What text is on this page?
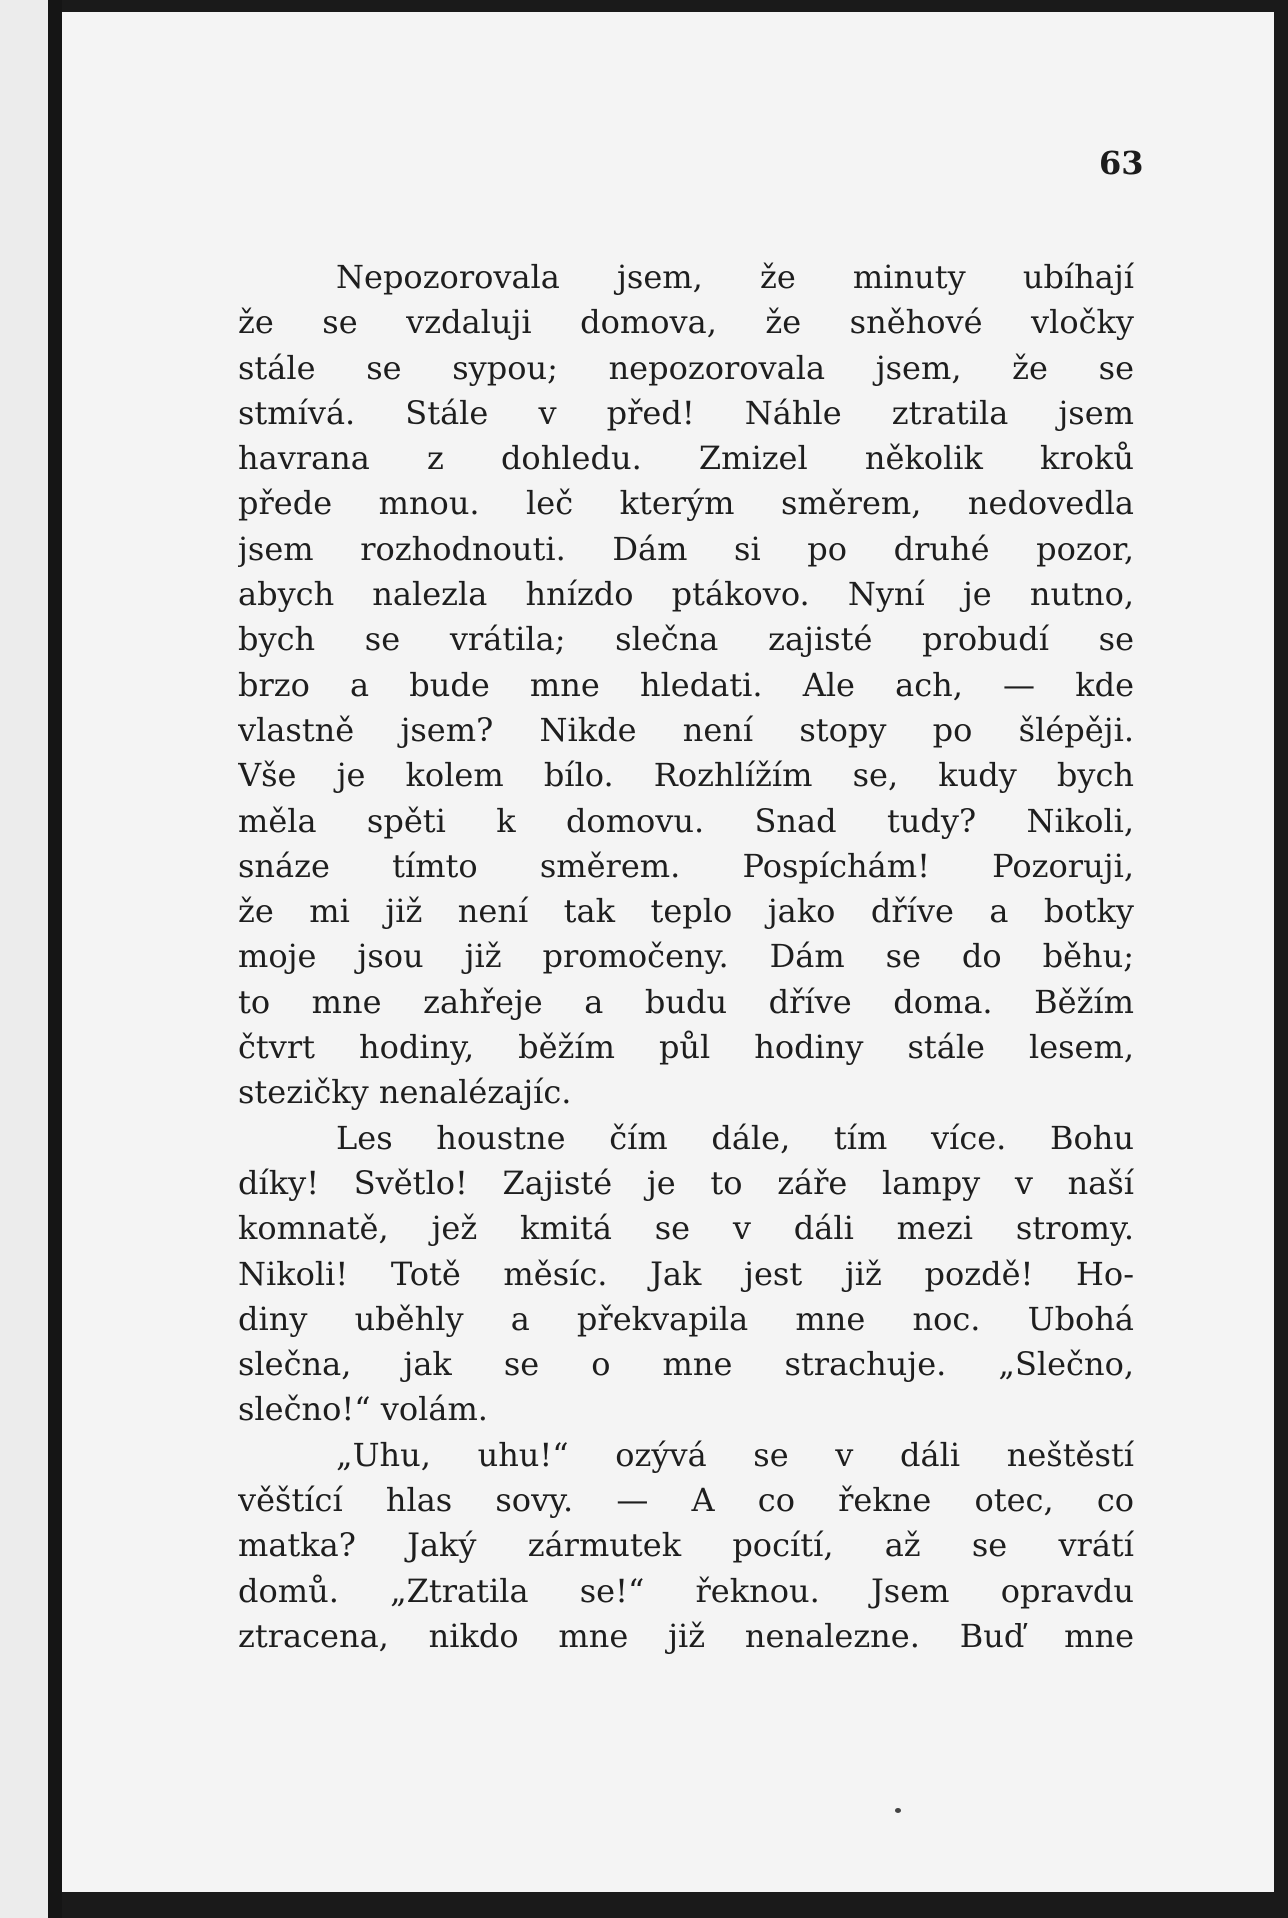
63

Nepozorovala jsem, že minuty ubíhají
že se vzdaluji domova, že sněhové vločky
stále se sypou; nepozorovala jsem, že se
stmívá. Stále v před! Náhle ztratila jsem
havrana z dohledu. Zmizel několik kroků
přede mnou. leč kterým směrem, nedovedla
jsem rozhodnouti. Dám si po druhé pozor,
abych nalezla hnízdo ptákovo. Nyní je nutno,
bych se vrátila; slečna zajisté probudí se
brzo a bude mne hledati. Ale ach, — kde
vlastně jsem? Nikde není stopy po šlépěji.
Vše je kolem bílo. Rozhlížím se, kudy bych
měla spěti k domovu. Snad tudy? Nikoli,
snáze tímto směrem. Pospíchám! Pozoruji,
že mi již není tak teplo jako dříve a botky
moje jsou již promočeny. Dám se do běhu;
to mne zahřeje a budu dříve doma. Běžím
čtvrt hodiny, běžím půl hodiny stále lesem,
stezičky nenalézajíc.

Les houstne čím dále, tím více. Bohu
díky! Světlo! Zajisté je to záře lampy v naší
komnatě, jež kmitá se v dáli mezi stromy.
Nikoli! Totě měsíc. Jak jest již pozdě! Ho-
diny uběhly a překvapila mne noc. Ubohá
slečna, jak se o mne strachuje. „Slečno,
slečno!“ volám.

„Uhu, uhu!“ ozývá se v dáli neštěstí
věštící hlas sovy. — A co řekne otec, co
matka? Jaký zármutek pocítí, až se vrátí
domů. „Ztratila se!“ řeknou. Jsem opravdu
ztracena, nikdo mne již nenalezne. Buď mne
